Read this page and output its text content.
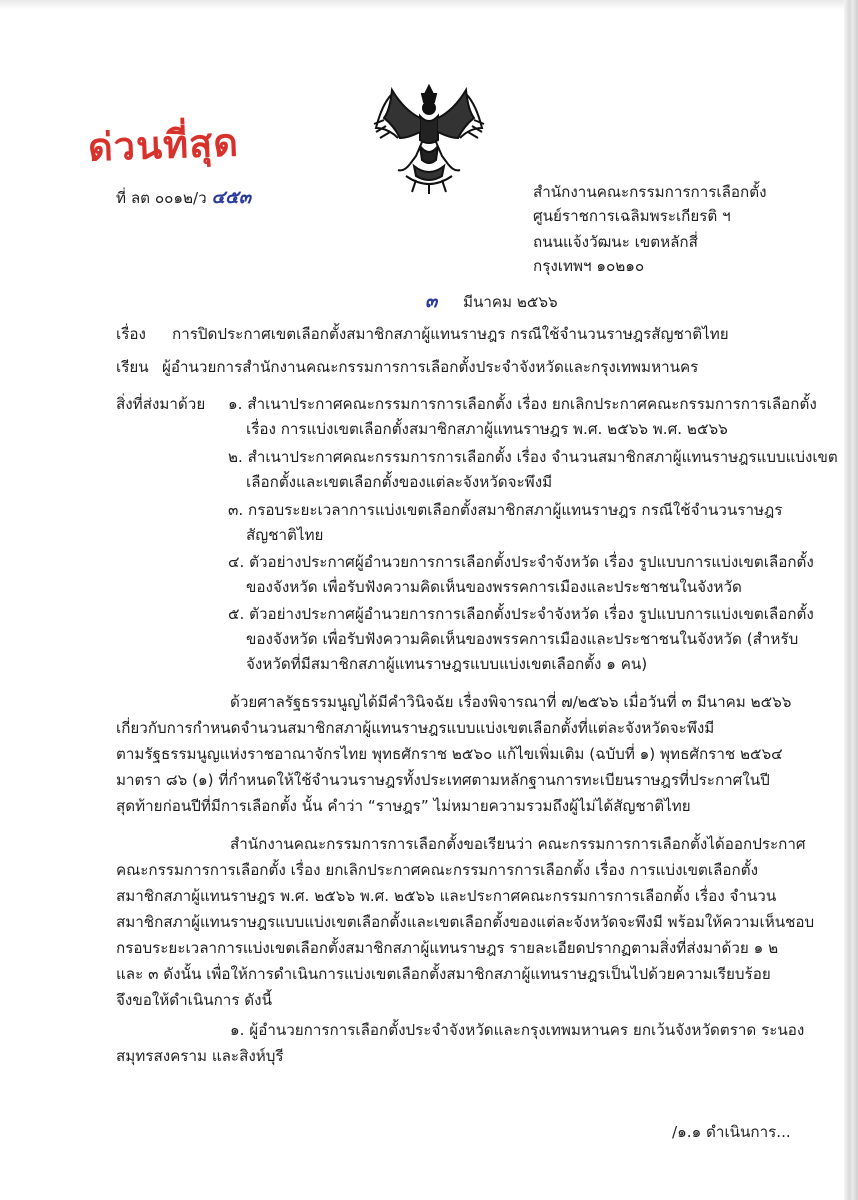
ด่วนที่สุด
ที่ ลต ๐๐๑๒/ว ๔๕๓	สำนักงานคณะกรรมการการเลือกตั้ง
ศูนย์ราชการเฉลิมพระเกียรติ ฯ
ถนนแจ้งวัฒนะ เขตหลักสี่
กรุงเทพฯ ๑๐๒๑๐
๓ มีนาคม ๒๕๖๖
เรื่อง การปิดประกาศเขตเลือกตั้งสมาชิกสภาผู้แทนราษฎร กรณีใช้จำนวนราษฎรสัญชาติไทย
เรียน ผู้อำนวยการสำนักงานคณะกรรมการการเลือกตั้งประจำจังหวัดและกรุงเทพมหานคร
สิ่งที่ส่งมาด้วย ๑. สำเนาประกาศคณะกรรมการการเลือกตั้ง เรื่อง ยกเลิกประกาศคณะกรรมการการเลือกตั้ง
เรื่อง การแบ่งเขตเลือกตั้งสมาชิกสภาผู้แทนราษฎร พ.ศ. ๒๕๖๖ พ.ศ. ๒๕๖๖
๒. สำเนาประกาศคณะกรรมการการเลือกตั้ง เรื่อง จำนวนสมาชิกสภาผู้แทนราษฎรแบบแบ่งเขต
เลือกตั้งและเขตเลือกตั้งของแต่ละจังหวัดจะพึงมี
๓. กรอบระยะเวลาการแบ่งเขตเลือกตั้งสมาชิกสภาผู้แทนราษฎร กรณีใช้จำนวนราษฎร
สัญชาติไทย
๔. ตัวอย่างประกาศผู้อำนวยการการเลือกตั้งประจำจังหวัด เรื่อง รูปแบบการแบ่งเขตเลือกตั้ง
ของจังหวัด เพื่อรับฟังความคิดเห็นของพรรคการเมืองและประชาชนในจังหวัด
๕. ตัวอย่างประกาศผู้อำนวยการการเลือกตั้งประจำจังหวัด เรื่อง รูปแบบการแบ่งเขตเลือกตั้ง
ของจังหวัด เพื่อรับฟังความคิดเห็นของพรรคการเมืองและประชาชนในจังหวัด (สำหรับ
จังหวัดที่มีสมาชิกสภาผู้แทนราษฎรแบบแบ่งเขตเลือกตั้ง ๑ คน)
ด้วยศาลรัฐธรรมนูญได้มีคำวินิจฉัย เรื่องพิจารณาที่ ๗/๒๕๖๖ เมื่อวันที่ ๓ มีนาคม ๒๕๖๖
เกี่ยวกับการกำหนดจำนวนสมาชิกสภาผู้แทนราษฎรแบบแบ่งเขตเลือกตั้งที่แต่ละจังหวัดจะพึงมี
ตามรัฐธรรมนูญแห่งราชอาณาจักรไทย พุทธศักราช ๒๕๖๐ แก้ไขเพิ่มเติม (ฉบับที่ ๑) พุทธศักราช ๒๕๖๔
มาตรา ๘๖ (๑) ที่กำหนดให้ใช้จำนวนราษฎรทั้งประเทศตามหลักฐานการทะเบียนราษฎรที่ประกาศในปี
สุดท้ายก่อนปีที่มีการเลือกตั้ง นั้น คำว่า “ราษฎร” ไม่หมายความรวมถึงผู้ไม่ได้สัญชาติไทย
สำนักงานคณะกรรมการการเลือกตั้งขอเรียนว่า คณะกรรมการการเลือกตั้งได้ออกประกาศ
คณะกรรมการการเลือกตั้ง เรื่อง ยกเลิกประกาศคณะกรรมการการเลือกตั้ง เรื่อง การแบ่งเขตเลือกตั้ง
สมาชิกสภาผู้แทนราษฎร พ.ศ. ๒๕๖๖ พ.ศ. ๒๕๖๖ และประกาศคณะกรรมการการเลือกตั้ง เรื่อง จำนวน
สมาชิกสภาผู้แทนราษฎรแบบแบ่งเขตเลือกตั้งและเขตเลือกตั้งของแต่ละจังหวัดจะพึงมี พร้อมให้ความเห็นชอบ
กรอบระยะเวลาการแบ่งเขตเลือกตั้งสมาชิกสภาผู้แทนราษฎร รายละเอียดปรากฏตามสิ่งที่ส่งมาด้วย ๑ ๒
และ ๓ ดังนั้น เพื่อให้การดำเนินการแบ่งเขตเลือกตั้งสมาชิกสภาผู้แทนราษฎรเป็นไปด้วยความเรียบร้อย
จึงขอให้ดำเนินการ ดังนี้
๑. ผู้อำนวยการการเลือกตั้งประจำจังหวัดและกรุงเทพมหานคร ยกเว้นจังหวัดตราด ระนอง
สมุทรสงคราม และสิงห์บุรี
/๑.๑ ดำเนินการ...
